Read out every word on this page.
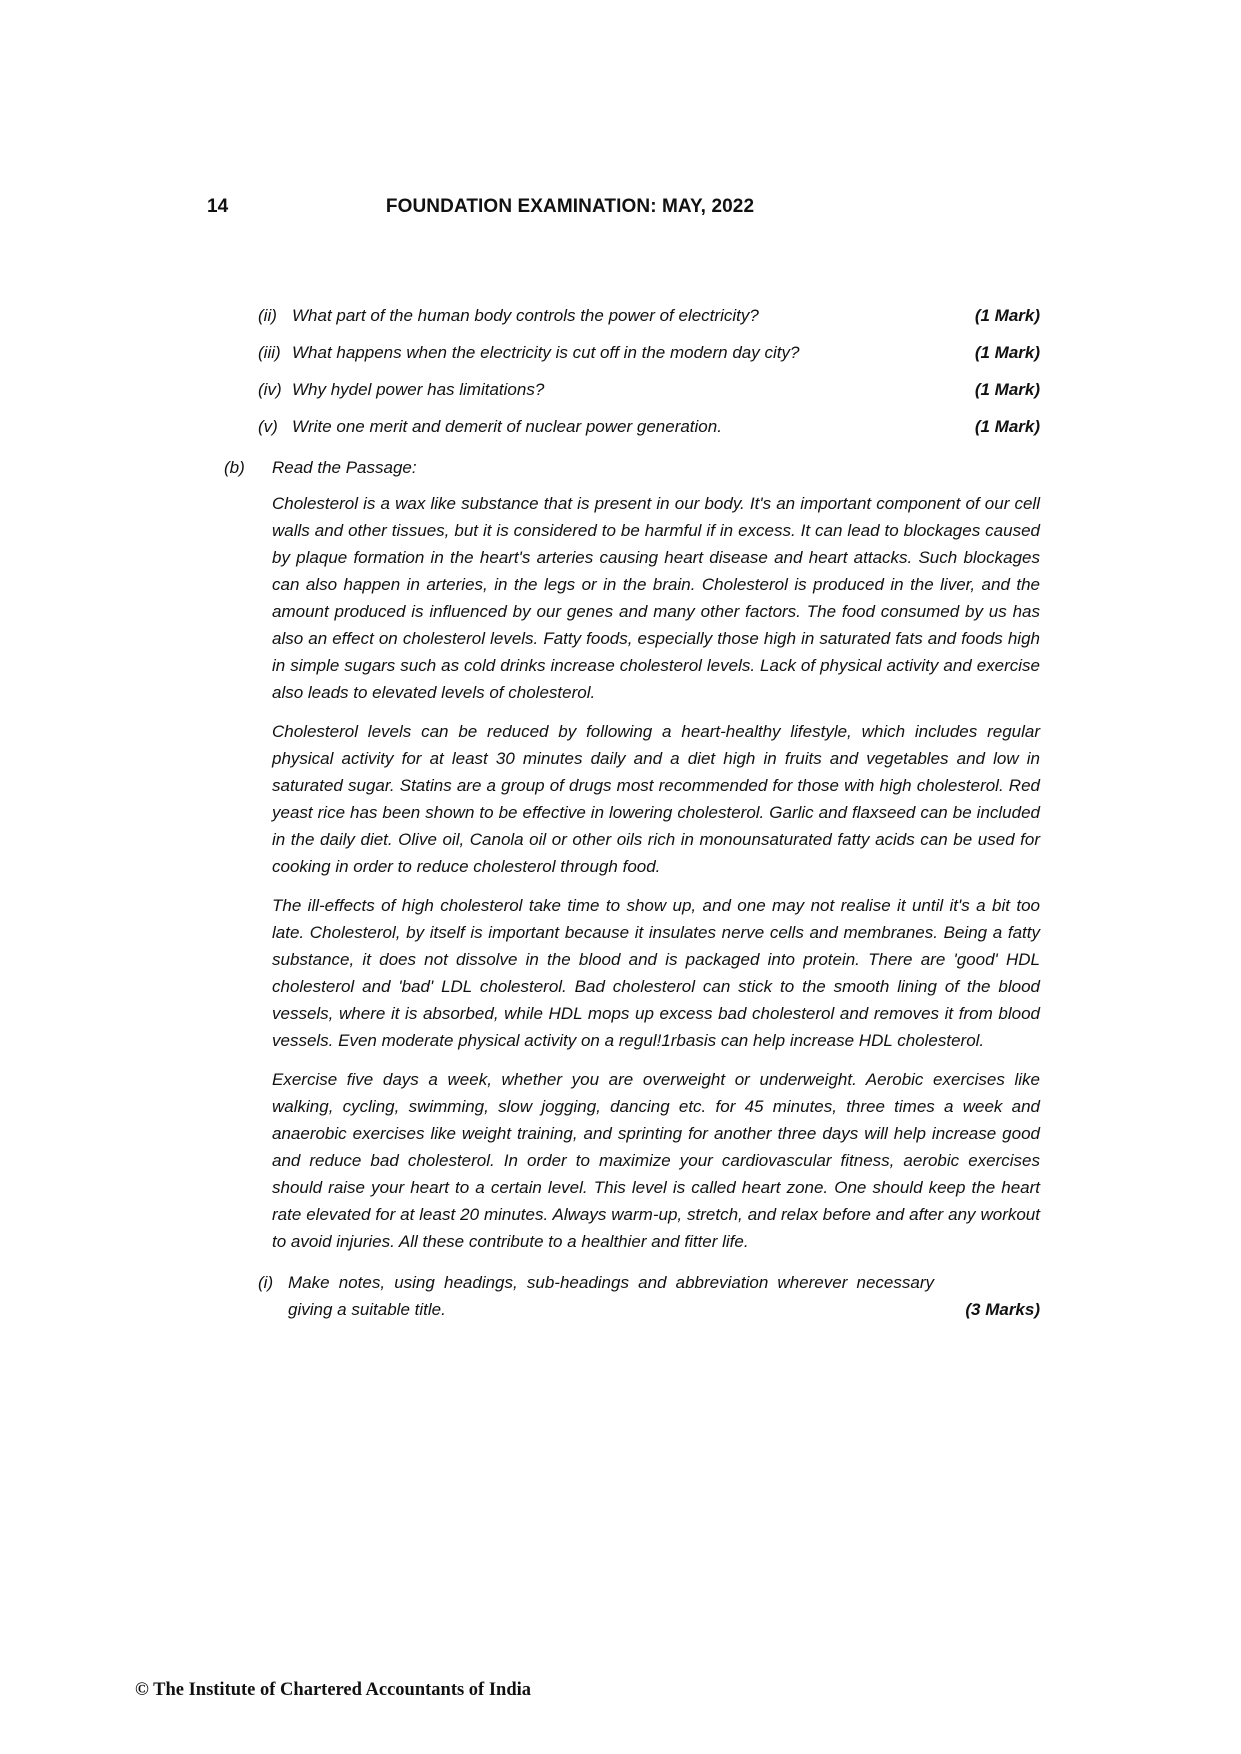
14	FOUNDATION EXAMINATION: MAY, 2022
(ii) What part of the human body controls the power of electricity?	(1 Mark)
(iii) What happens when the electricity is cut off in the modern day city?	(1 Mark)
(iv) Why hydel power has limitations?	(1 Mark)
(v) Write one merit and demerit of nuclear power generation.	(1 Mark)
(b)	Read the Passage:

Cholesterol is a wax like substance that is present in our body. It's an important component of our cell walls and other tissues, but it is considered to be harmful if in excess. It can lead to blockages caused by plaque formation in the heart's arteries causing heart disease and heart attacks. Such blockages can also happen in arteries, in the legs or in the brain. Cholesterol is produced in the liver, and the amount produced is influenced by our genes and many other factors. The food consumed by us has also an effect on cholesterol levels. Fatty foods, especially those high in saturated fats and foods high in simple sugars such as cold drinks increase cholesterol levels. Lack of physical activity and exercise also leads to elevated levels of cholesterol.

Cholesterol levels can be reduced by following a heart-healthy lifestyle, which includes regular physical activity for at least 30 minutes daily and a diet high in fruits and vegetables and low in saturated sugar. Statins are a group of drugs most recommended for those with high cholesterol. Red yeast rice has been shown to be effective in lowering cholesterol. Garlic and flaxseed can be included in the daily diet. Olive oil, Canola oil or other oils rich in monounsaturated fatty acids can be used for cooking in order to reduce cholesterol through food.

The ill-effects of high cholesterol take time to show up, and one may not realise it until it's a bit too late. Cholesterol, by itself is important because it insulates nerve cells and membranes. Being a fatty substance, it does not dissolve in the blood and is packaged into protein. There are 'good' HDL cholesterol and 'bad' LDL cholesterol. Bad cholesterol can stick to the smooth lining of the blood vessels, where it is absorbed, while HDL mops up excess bad cholesterol and removes it from blood vessels. Even moderate physical activity on a regul!1rbasis can help increase HDL cholesterol.

Exercise five days a week, whether you are overweight or underweight. Aerobic exercises like walking, cycling, swimming, slow jogging, dancing etc. for 45 minutes, three times a week and anaerobic exercises like weight training, and sprinting for another three days will help increase good and reduce bad cholesterol. In order to maximize your cardiovascular fitness, aerobic exercises should raise your heart to a certain level. This level is called heart zone. One should keep the heart rate elevated for at least 20 minutes. Always warm-up, stretch, and relax before and after any workout to avoid injuries. All these contribute to a healthier and fitter life.

(i) Make notes, using headings, sub-headings and abbreviation wherever necessary giving a suitable title.	(3 Marks)
© The Institute of Chartered Accountants of India
